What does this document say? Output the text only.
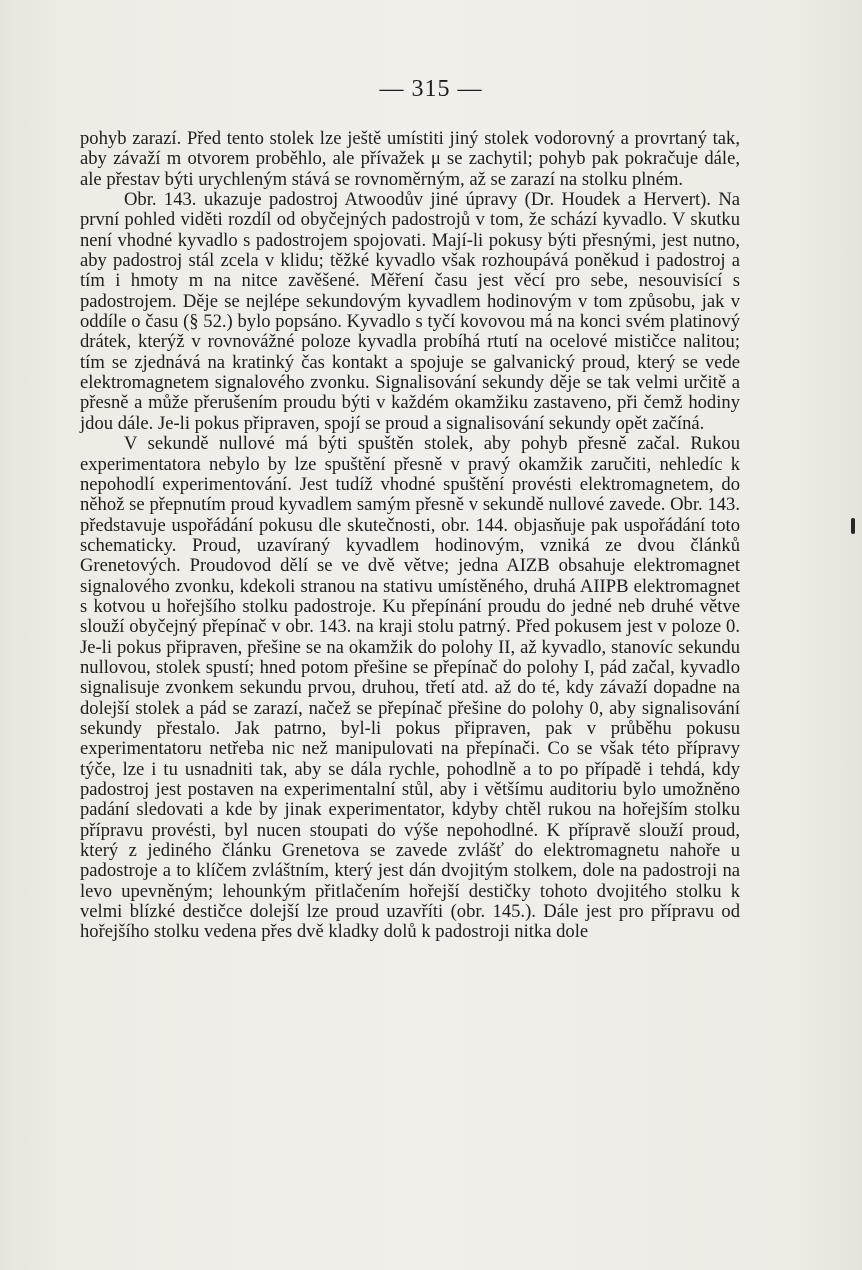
— 315 —

pohyb zarazí. Před tento stolek lze ještě umístiti jiný stolek vodorovný a provrtaný tak, aby závaží m otvorem proběhlo, ale přívažek μ se zachytil; pohyb pak pokračuje dále, ale přestav býti urychleným stává se rovnoměrným, až se zarazí na stolku plném.

Obr. 143. ukazuje padostroj Atwoodův jiné úpravy (Dr. Houdek a Hervert). Na první pohled viděti rozdíl od obyčejných padostrojů v tom, že schází kyvadlo. V skutku není vhodné kyvadlo s padostrojem spojovati. Mají-li pokusy býti přesnými, jest nutno, aby padostroj stál zcela v klidu; těžké kyvadlo však rozhoupává poněkud i padostroj a tím i hmoty m na nitce zavěšené. Měření času jest věcí pro sebe, nesouvisící s padostrojem. Děje se nejlépe sekundovým kyvadlem hodinovým v tom způsobu, jak v oddíle o času (§ 52.) bylo popsáno. Kyvadlo s tyčí kovovou má na konci svém platinový drátek, kterýž v rovnovážné poloze kyvadla probíhá rtutí na ocelové mističce nalitou; tím se zjednává na kratinký čas kontakt a spojuje se galvanický proud, který se vede elektromagnetem signalového zvonku. Signalisování sekundy děje se tak velmi určitě a přesně a může přerušením proudu býti v každém okamžiku zastaveno, při čemž hodiny jdou dále. Je-li pokus připraven, spojí se proud a signalisování sekundy opět začíná.

V sekundě nullové má býti spuštěn stolek, aby pohyb přesně začal. Rukou experimentatora nebylo by lze spuštění přesně v pravý okamžik zaručiti, nehledíc k nepohodlí experimentování. Jest tudíž vhodné spuštění provésti elektromagnetem, do něhož se přepnutím proud kyvadlem samým přesně v sekundě nullové zavede. Obr. 143. představuje uspořádání pokusu dle skutečnosti, obr. 144. objasňuje pak uspořádání toto schematicky. Proud, uzavíraný kyvadlem hodinovým, vzniká ze dvou článků Grenetových. Proudovod dělí se ve dvě větve; jedna AIZB obsahuje elektromagnet signalového zvonku, kdekoli stranou na stativu umístěného, druhá AIIPB elektromagnet s kotvou u hořejšího stolku padostroje. Ku přepínání proudu do jedné neb druhé větve slouží obyčejný přepínač v obr. 143. na kraji stolu patrný. Před pokusem jest v poloze 0. Je-li pokus připraven, přešine se na okamžik do polohy II, až kyvadlo, stanovíc sekundu nullovou, stolek spustí; hned potom přešine se přepínač do polohy I, pád začal, kyvadlo signalisuje zvonkem sekundu prvou, druhou, třetí atd. až do té, kdy závaží dopadne na dolejší stolek a pád se zarazí, načež se přepínač přešine do polohy 0, aby signalisování sekundy přestalo. Jak patrno, byl-li pokus připraven, pak v průběhu pokusu experimentatoru netřeba nic než manipulovati na přepínači. Co se však této přípravy týče, lze i tu usnadniti tak, aby se dála rychle, pohodlně a to po případě i tehdá, kdy padostroj jest postaven na experimentalní stůl, aby i většímu auditoriu bylo umožněno padání sledovati a kde by jinak experimentator, kdyby chtěl rukou na hořejším stolku přípravu provésti, byl nucen stoupati do výše nepohodlné. K přípravě slouží proud, který z jediného článku Grenetova se zavede zvlášť do elektromagnetu nahoře u padostroje a to klíčem zvláštním, který jest dán dvojitým stolkem, dole na padostroji na levo upevněným; lehounkým přitlačením hořejší destičky tohoto dvojitého stolku k velmi blízké destičce dolejší lze proud uzavříti (obr. 145.). Dále jest pro přípravu od hořejšího stolku vedena přes dvě kladky dolů k padostroji nitka dole
